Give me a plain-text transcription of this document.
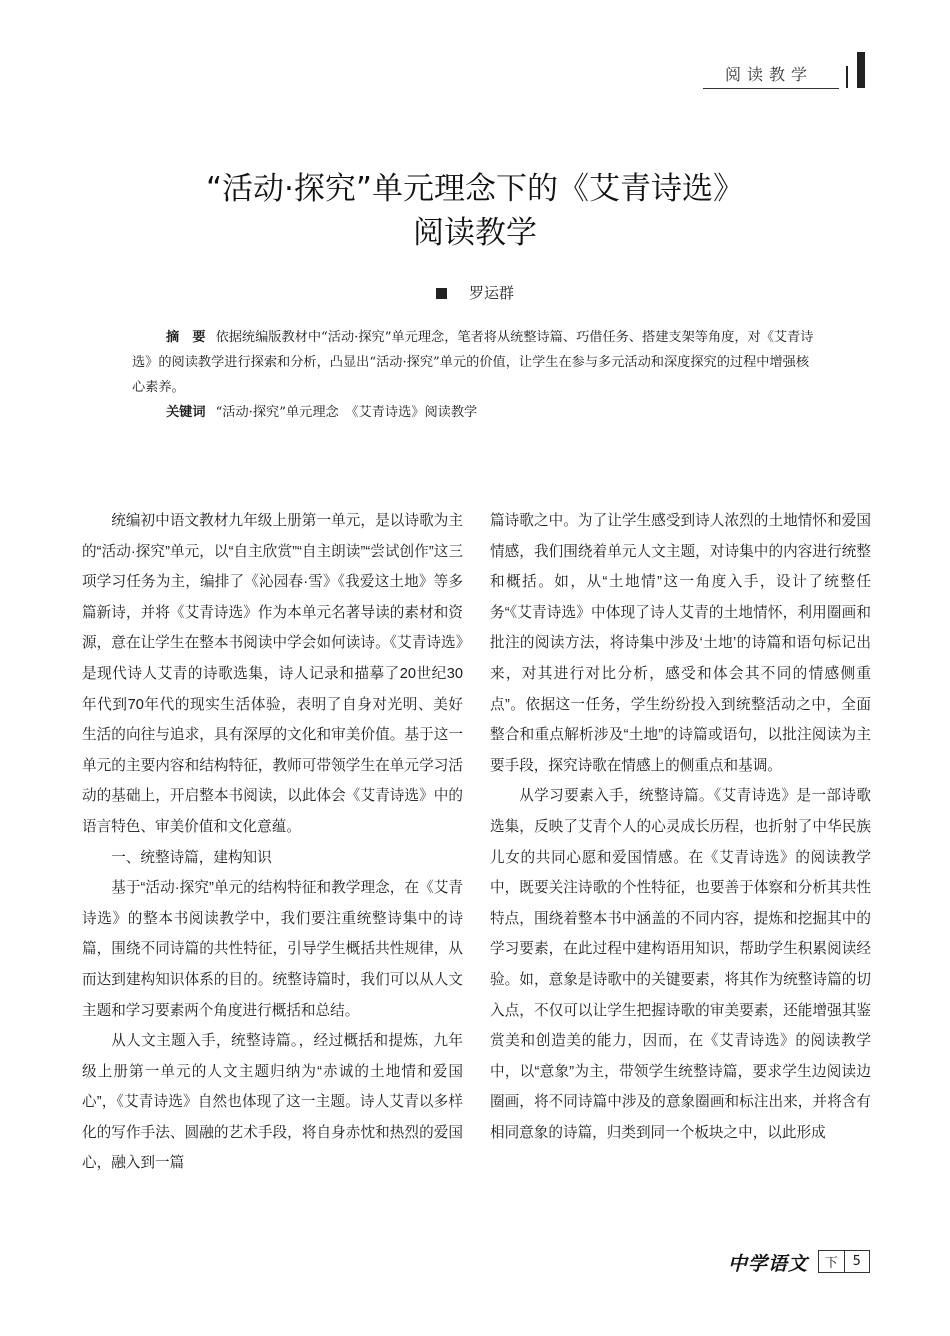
阅读教学
“活动·探究”单元理念下的《艾青诗选》
阅读教学
罗运群

摘　要 依据统编版教材中“活动·探究”单元理念，笔者将从统整诗篇、巧借任务、搭建支架等角度，对《艾青诗选》的阅读教学进行探索和分析，凸显出“活动·探究”单元的价值，让学生在参与多元活动和深度探究的过程中增强核心素养。

关键词 “活动·探究”单元理念　《艾青诗选》阅读教学

统编初中语文教材九年级上册第一单元，是以诗歌为主的“活动·探究”单元，以“自主欣赏”“自主朗读”“尝试创作”这三项学习任务为主，编排了《沁园春·雪》《我爱这土地》等多篇新诗，并将《艾青诗选》作为本单元名著导读的素材和资源，意在让学生在整本书阅读中学会如何读诗。《艾青诗选》是现代诗人艾青的诗歌选集，诗人记录和描摹了20世纪30年代到70年代的现实生活体验，表明了自身对光明、美好生活的向往与追求，具有深厚的文化和审美价值。基于这一单元的主要内容和结构特征，教师可带领学生在单元学习活动的基础上，开启整本书阅读，以此体会《艾青诗选》中的语言特色、审美价值和文化意蕴。

一、统整诗篇，建构知识

基于“活动·探究”单元的结构特征和教学理念，在《艾青诗选》的整本书阅读教学中，我们要注重统整诗集中的诗篇，围绕不同诗篇的共性特征，引导学生概括共性规律，从而达到建构知识体系的目的。统整诗篇时，我们可以从人文主题和学习要素两个角度进行概括和总结。

从人文主题入手，统整诗篇。，经过概括和提炼，九年级上册第一单元的人文主题归纳为“赤诚的土地情和爱国心”，《艾青诗选》自然也体现了这一主题。诗人艾青以多样化的写作手法、圆融的艺术手段，将自身赤忱和热烈的爱国心，融入到一篇

篇诗歌之中。为了让学生感受到诗人浓烈的土地情怀和爱国情感，我们围绕着单元人文主题，对诗集中的内容进行统整和概括。如，从“土地情”这一角度入手，设计了统整任务“《艾青诗选》中体现了诗人艾青的土地情怀，利用圈画和批注的阅读方法，将诗集中涉及‘土地’的诗篇和语句标记出来，对其进行对比分析，感受和体会其不同的情感侧重点”。依据这一任务，学生纷纷投入到统整活动之中，全面整合和重点解析涉及“土地”的诗篇或语句，以批注阅读为主要手段，探究诗歌在情感上的侧重点和基调。

从学习要素入手，统整诗篇。《艾青诗选》是一部诗歌选集，反映了艾青个人的心灵成长历程，也折射了中华民族儿女的共同心愿和爱国情感。在《艾青诗选》的阅读教学中，既要关注诗歌的个性特征，也要善于体察和分析其共性特点，围绕着整本书中涵盖的不同内容，提炼和挖掘其中的学习要素，在此过程中建构语用知识，帮助学生积累阅读经验。如，意象是诗歌中的关键要素，将其作为统整诗篇的切入点，不仅可以让学生把握诗歌的审美要素，还能增强其鉴赏美和创造美的能力，因而，在《艾青诗选》的阅读教学中，以“意象”为主，带领学生统整诗篇，要求学生边阅读边圈画，将不同诗篇中涉及的意象圈画和标注出来，并将含有相同意象的诗篇，归类到同一个板块之中，以此形成

中学语文	下	5
